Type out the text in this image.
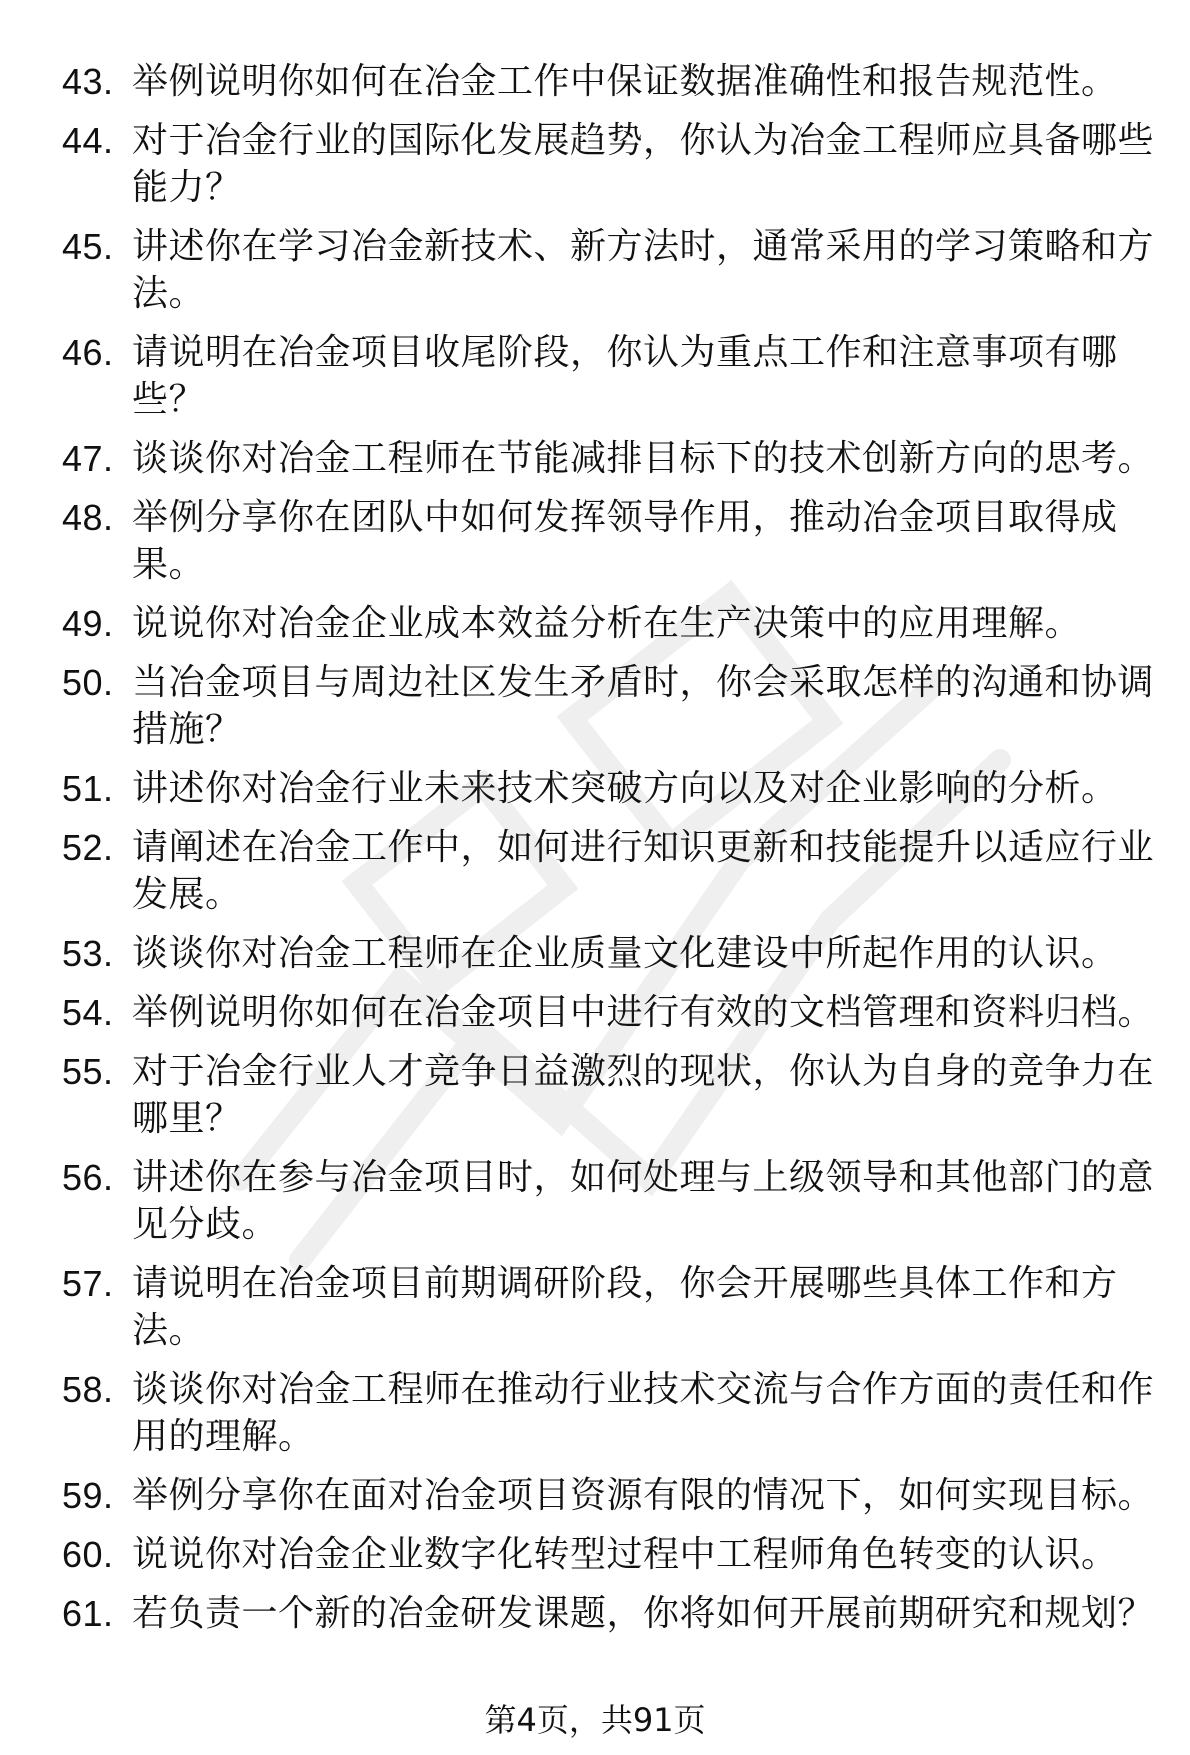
43. 举例说明你如何在冶金工作中保证数据准确性和报告规范性。
44. 对于冶金行业的国际化发展趋势，你认为冶金工程师应具备哪些能力？
45. 讲述你在学习冶金新技术、新方法时，通常采用的学习策略和方法。
46. 请说明在冶金项目收尾阶段，你认为重点工作和注意事项有哪些？
47. 谈谈你对冶金工程师在节能减排目标下的技术创新方向的思考。
48. 举例分享你在团队中如何发挥领导作用，推动冶金项目取得成果。
49. 说说你对冶金企业成本效益分析在生产决策中的应用理解。
50. 当冶金项目与周边社区发生矛盾时，你会采取怎样的沟通和协调措施？
51. 讲述你对冶金行业未来技术突破方向以及对企业影响的分析。
52. 请阐述在冶金工作中，如何进行知识更新和技能提升以适应行业发展。
53. 谈谈你对冶金工程师在企业质量文化建设中所起作用的认识。
54. 举例说明你如何在冶金项目中进行有效的文档管理和资料归档。
55. 对于冶金行业人才竞争日益激烈的现状，你认为自身的竞争力在哪里？
56. 讲述你在参与冶金项目时，如何处理与上级领导和其他部门的意见分歧。
57. 请说明在冶金项目前期调研阶段，你会开展哪些具体工作和方法。
58. 谈谈你对冶金工程师在推动行业技术交流与合作方面的责任和作用的理解。
59. 举例分享你在面对冶金项目资源有限的情况下，如何实现目标。
60. 说说你对冶金企业数字化转型过程中工程师角色转变的认识。
61. 若负责一个新的冶金研发课题，你将如何开展前期研究和规划？
第4页，共91页
